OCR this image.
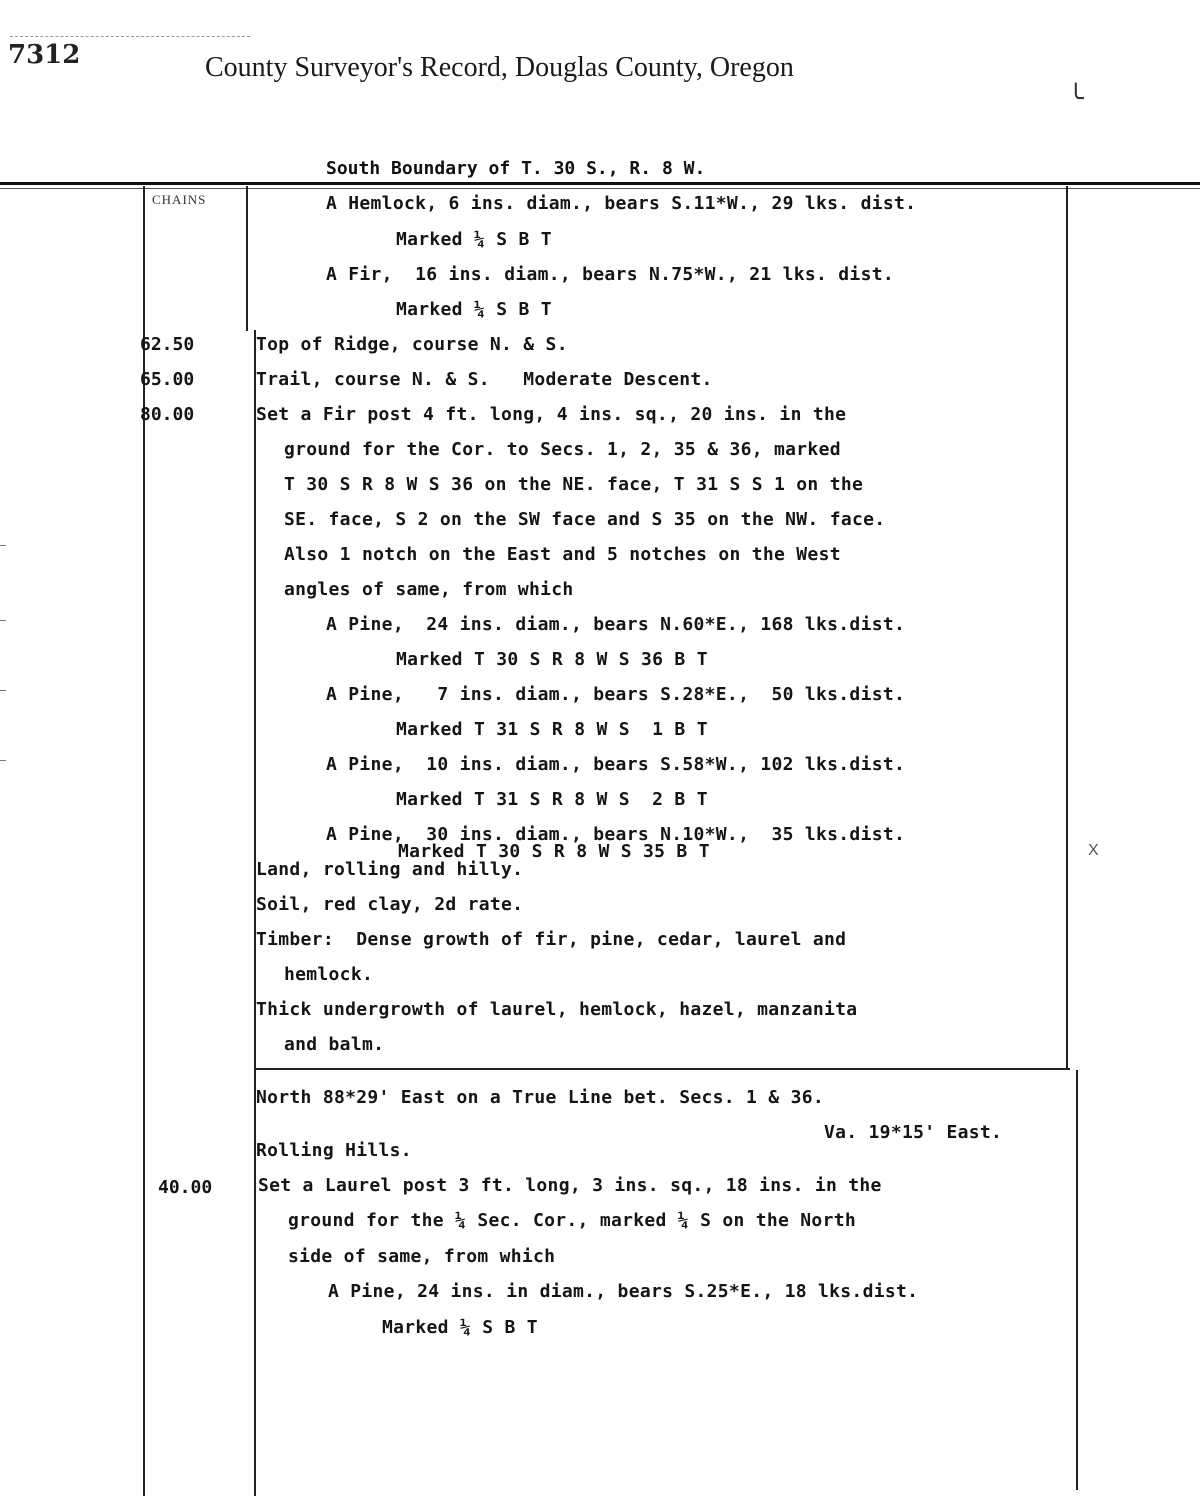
7312	County Surveyor's Record, Douglas County, Oregon
╰
South Boundary of T. 30 S., R. 8 W.
CHAINS
62.50
65.00
80.00
40.00
A Hemlock, 6 ins. diam., bears S.11*W., 29 lks. dist.
Marked ¼ S B T
A Fir,  16 ins. diam., bears N.75*W., 21 lks. dist.
Marked ¼ S B T
Top of Ridge, course N. & S.
Trail, course N. & S.   Moderate Descent.
Set a Fir post 4 ft. long, 4 ins. sq., 20 ins. in the
ground for the Cor. to Secs. 1, 2, 35 & 36, marked
T 30 S R 8 W S 36 on the NE. face, T 31 S S 1 on the
SE. face, S 2 on the SW face and S 35 on the NW. face.
Also 1 notch on the East and 5 notches on the West
angles of same, from which
A Pine,  24 ins. diam., bears N.60*E., 168 lks.dist.
Marked T 30 S R 8 W S 36 B T
A Pine,   7 ins. diam., bears S.28*E.,  50 lks.dist.
Marked T 31 S R 8 W S  1 B T
A Pine,  10 ins. diam., bears S.58*W., 102 lks.dist.
Marked T 31 S R 8 W S  2 B T
A Pine,  30 ins. diam., bears N.10*W.,  35 lks.dist.
Marked T 30 S R 8 W S 35 B T
Land, rolling and hilly.
Soil, red clay, 2d rate.
Timber:  Dense growth of fir, pine, cedar, laurel and
hemlock.
Thick undergrowth of laurel, hemlock, hazel, manzanita
and balm.
North 88*29' East on a True Line bet. Secs. 1 & 36.
Va. 19*15' East.
Rolling Hills.
Set a Laurel post 3 ft. long, 3 ins. sq., 18 ins. in the
ground for the ¼ Sec. Cor., marked ¼ S on the North
side of same, from which
A Pine, 24 ins. in diam., bears S.25*E., 18 lks.dist.
Marked ¼ S B T
X
